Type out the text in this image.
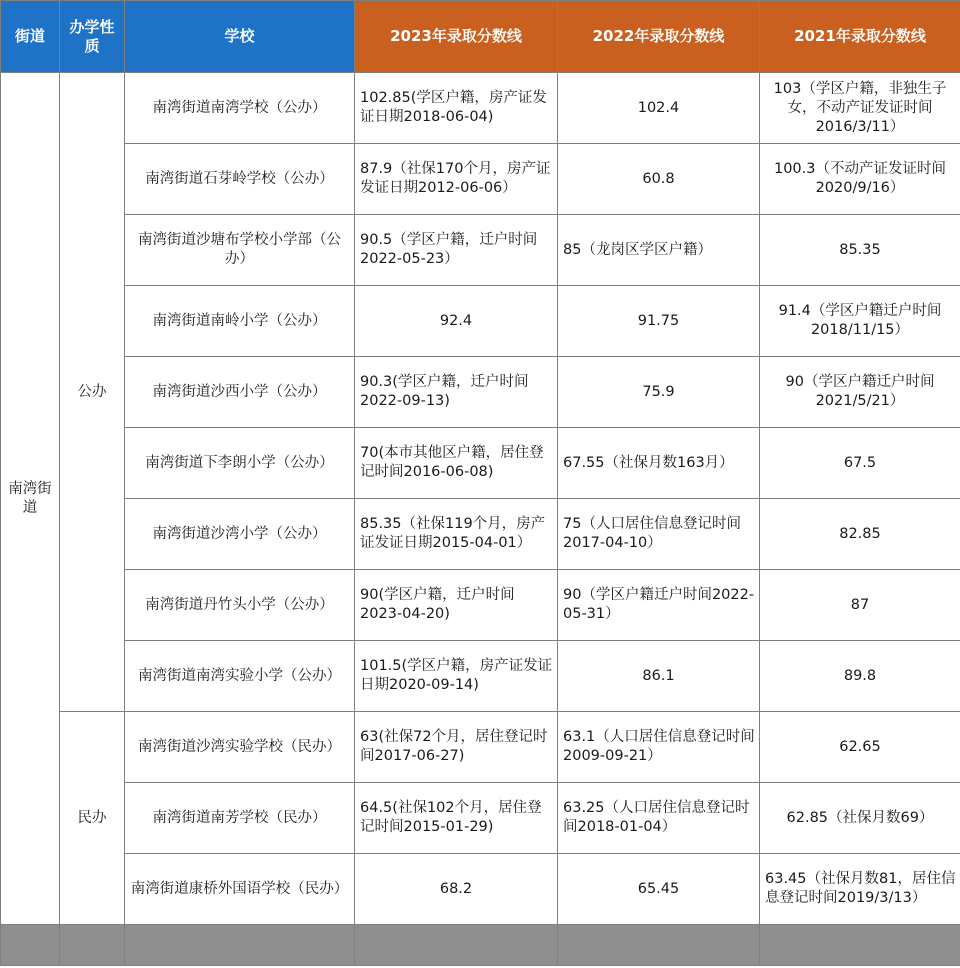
街道	办学性质	学校	2023年录取分数线	2022年录取分数线	2021年录取分数线
南湾街道	公办	南湾街道南湾学校（公办）	102.85(学区户籍，房产证发证日期2018-06-04)	102.4	103（学区户籍，非独生子女，不动产证发证时间2016/3/11）
		南湾街道石芽岭学校（公办）	87.9（社保170个月，房产证发证日期2012-06-06）	60.8	100.3（不动产证发证时间2020/9/16）
		南湾街道沙塘布学校小学部（公办）	90.5（学区户籍，迁户时间2022-05-23）	85（龙岗区学区户籍）	85.35
		南湾街道南岭小学（公办）	92.4	91.75	91.4（学区户籍迁户时间2018/11/15）
		南湾街道沙西小学（公办）	90.3(学区户籍，迁户时间2022-09-13)	75.9	90（学区户籍迁户时间2021/5/21）
		南湾街道下李朗小学（公办）	70(本市其他区户籍，居住登记时间2016-06-08)	67.55（社保月数163月）	67.5
		南湾街道沙湾小学（公办）	85.35（社保119个月，房产证发证日期2015-04-01）	75（人口居住信息登记时间2017-04-10）	82.85
		南湾街道丹竹头小学（公办）	90(学区户籍，迁户时间2023-04-20)	90（学区户籍迁户时间2022-05-31）	87
		南湾街道南湾实验小学（公办）	101.5(学区户籍，房产证发证日期2020-09-14)	86.1	89.8
	民办	南湾街道沙湾实验学校（民办）	63(社保72个月，居住登记时间2017-06-27)	63.1（人口居住信息登记时间2009-09-21）	62.65
		南湾街道南芳学校（民办）	64.5(社保102个月，居住登记时间2015-01-29)	63.25（人口居住信息登记时间2018-01-04）	62.85（社保月数69）
		南湾街道康桥外国语学校（民办）	68.2	65.45	63.45（社保月数81，居住信息登记时间2019/3/13）
